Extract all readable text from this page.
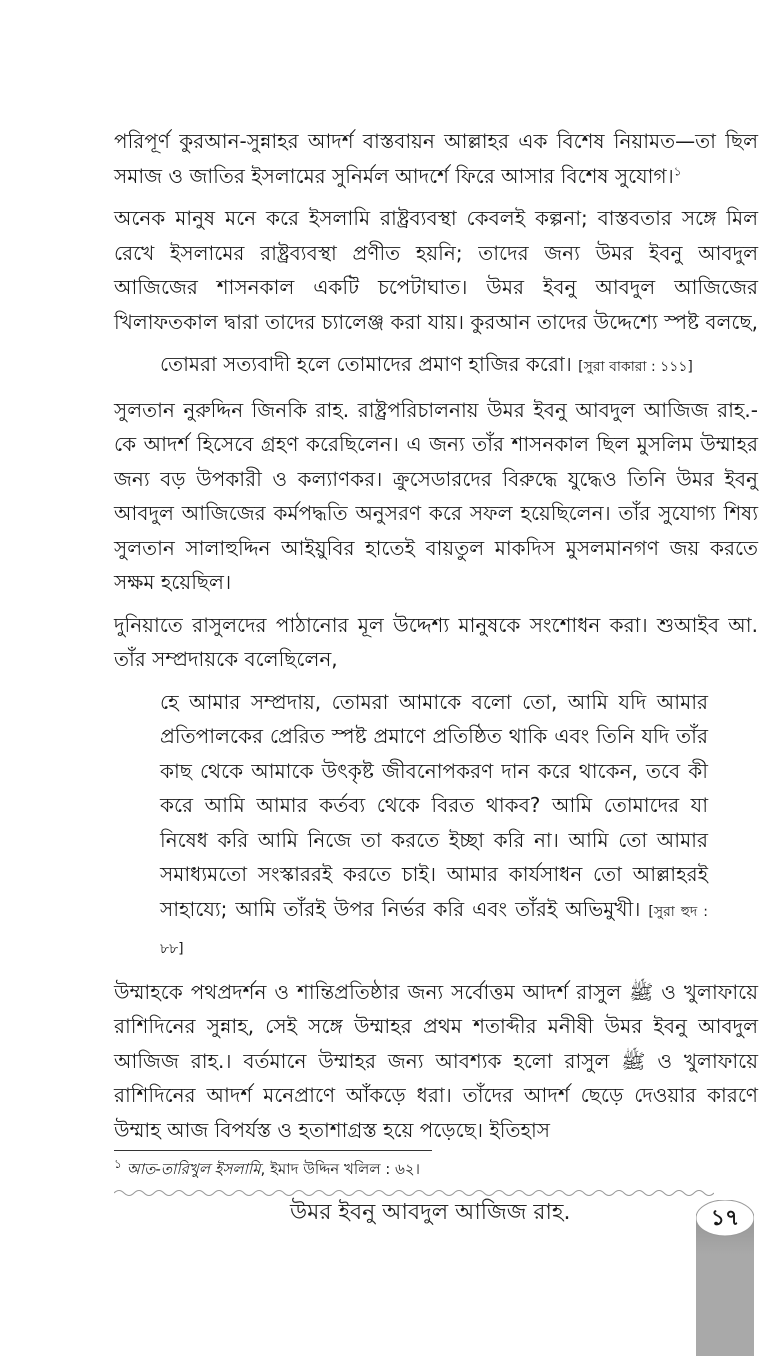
পরিপূর্ণ কুরআন-সুন্নাহর আদর্শ বাস্তবায়ন আল্লাহর এক বিশেষ নিয়ামত—তা ছিল সমাজ ও জাতির ইসলামের সুনির্মল আদর্শে ফিরে আসার বিশেষ সুযোগ।$^১$

অনেক মানুষ মনে করে ইসলামি রাষ্ট্রব্যবস্থা কেবলই কল্পনা; বাস্তবতার সঙ্গে মিল রেখে ইসলামের রাষ্ট্রব্যবস্থা প্রণীত হয়নি; তাদের জন্য উমর ইবনু আবদুল আজিজের শাসনকাল একটি চপেটাঘাত। উমর ইবনু আবদুল আজিজের খিলাফতকাল দ্বারা তাদের চ্যালেঞ্জ করা যায়। কুরআন তাদের উদ্দেশ্যে স্পষ্ট বলছে,

তোমরা সত্যবাদী হলে তোমাদের প্রমাণ হাজির করো। [সুরা বাকারা : ১১১]

সুলতান নুরুদ্দিন জিনকি রাহ. রাষ্ট্রপরিচালনায় উমর ইবনু আবদুল আজিজ রাহ.-কে আদর্শ হিসেবে গ্রহণ করেছিলেন। এ জন্য তাঁর শাসনকাল ছিল মুসলিম উম্মাহর জন্য বড় উপকারী ও কল্যাণকর। ক্রুসেডারদের বিরুদ্ধে যুদ্ধেও তিনি উমর ইবনু আবদুল আজিজের কর্মপদ্ধতি অনুসরণ করে সফল হয়েছিলেন। তাঁর সুযোগ্য শিষ্য সুলতান সালাহুদ্দিন আইয়ুবির হাতেই বায়তুল মাকদিস মুসলমানগণ জয় করতে সক্ষম হয়েছিল।

দুনিয়াতে রাসুলদের পাঠানোর মূল উদ্দেশ্য মানুষকে সংশোধন করা। শুআইব আ. তাঁর সম্প্রদায়কে বলেছিলেন,

হে আমার সম্প্রদায়, তোমরা আমাকে বলো তো, আমি যদি আমার প্রতিপালকের প্রেরিত স্পষ্ট প্রমাণে প্রতিষ্ঠিত থাকি এবং তিনি যদি তাঁর কাছ থেকে আমাকে উৎকৃষ্ট জীবনোপকরণ দান করে থাকেন, তবে কী করে আমি আমার কর্তব্য থেকে বিরত থাকব? আমি তোমাদের যা নিষেধ করি আমি নিজে তা করতে ইচ্ছা করি না। আমি তো আমার সমাধ্যমতো সংস্কাররই করতে চাই। আমার কার্যসাধন তো আল্লাহরই সাহায্যে; আমি তাঁরই উপর নির্ভর করি এবং তাঁরই অভিমুখী। [সুরা হুদ : ৮৮]

উম্মাহকে পথপ্রদর্শন ও শান্তিপ্রতিষ্ঠার জন্য সর্বোত্তম আদর্শ রাসুল ﷺ ও খুলাফায়ে রাশিদিনের সুন্নাহ, সেই সঙ্গে উম্মাহর প্রথম শতাব্দীর মনীষী উমর ইবনু আবদুল আজিজ রাহ.। বর্তমানে উম্মাহর জন্য আবশ্যক হলো রাসুল ﷺ ও খুলাফায়ে রাশিদিনের আদর্শ মনেপ্রাণে আঁকড়ে ধরা। তাঁদের আদর্শ ছেড়ে দেওয়ার কারণে উম্মাহ আজ বিপর্যস্ত ও হতাশাগ্রস্ত হয়ে পড়েছে। ইতিহাস

$^১$ আত-তারিখুল ইসলামি, ইমাদ উদ্দিন খলিল : ৬২।
উমর ইবনু আবদুল আজিজ রাহ.	১৭
